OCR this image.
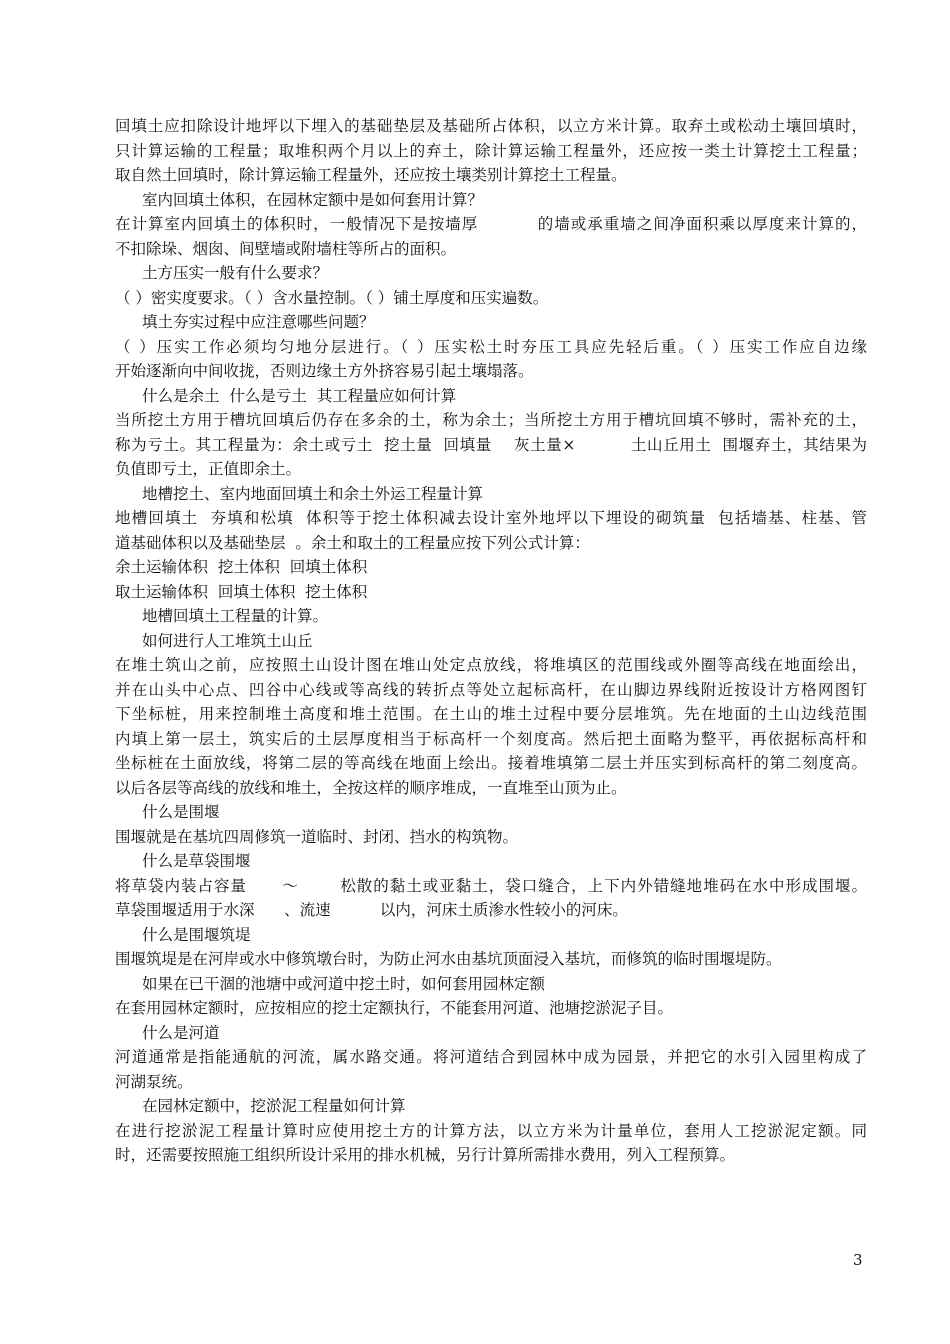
回填土应扣除设计地坪以下埋入的基础垫层及基础所占体积，以立方米计算。取弃土或松动土壤回填时，
只计算运输的工程量；取堆积两个月以上的弃土，除计算运输工程量外，还应按一类土计算挖土工程量；
取自然土回填时，除计算运输工程量外，还应按土壤类别计算挖土工程量。
室内回填土体积，在园林定额中是如何套用计算？
在计算室内回填土的体积时，一般情况下是按墙厚          的墙或承重墙之间净面积乘以厚度来计算的，
不扣除垛、烟囱、间壁墙或附墙柱等所占的面积。
土方压实一般有什么要求？
（ ）密实度要求。（ ）含水量控制。（ ）铺土厚度和压实遍数。
填土夯实过程中应注意哪些问题？
（ ）压实工作必须均匀地分层进行。（ ）压实松土时夯压工具应先轻后重。（ ）压实工作应自边缘
开始逐渐向中间收拢，否则边缘土方外挤容易引起土壤塌落。
什么是余土  什么是亏土  其工程量应如何计算
当所挖土方用于槽坑回填后仍存在多余的土，称为余土；当所挖土方用于槽坑回填不够时，需补充的土，
称为亏土。其工程量为：余土或亏土  挖土量  回填量    灰土量×          土山丘用土  围堰弃土，其结果为
负值即亏土，正值即余土。
地槽挖土、室内地面回填土和余土外运工程量计算
地槽回填土  夯填和松填  体积等于挖土体积减去设计室外地坪以下埋设的砌筑量  包括墙基、柱基、管
道基础体积以及基础垫层  。余土和取土的工程量应按下列公式计算：
余土运输体积  挖土体积  回填土体积
取土运输体积  回填土体积  挖土体积
地槽回填土工程量的计算。
如何进行人工堆筑土山丘
在堆土筑山之前，应按照土山设计图在堆山处定点放线，将堆填区的范围线或外圈等高线在地面绘出，
并在山头中心点、凹谷中心线或等高线的转折点等处立起标高杆，在山脚边界线附近按设计方格网图钉
下坐标桩，用来控制堆土高度和堆土范围。在土山的堆土过程中要分层堆筑。先在地面的土山边线范围
内填上第一层土，筑实后的土层厚度相当于标高杆一个刻度高。然后把土面略为整平，再依据标高杆和
坐标桩在土面放线，将第二层的等高线在地面上绘出。接着堆填第二层土并压实到标高杆的第二刻度高。
以后各层等高线的放线和堆土，全按这样的顺序堆成，一直堆至山顶为止。
什么是围堰
围堰就是在基坑四周修筑一道临时、封闭、挡水的构筑物。
什么是草袋围堰
将草袋内装占容量      ～       松散的黏土或亚黏土，袋口缝合，上下内外错缝地堆码在水中形成围堰。
草袋围堰适用于水深      、流速          以内，河床土质渗水性较小的河床。
什么是围堰筑堤
围堰筑堤是在河岸或水中修筑墩台时，为防止河水由基坑顶面浸入基坑，而修筑的临时围堰堤防。
如果在已干涸的池塘中或河道中挖土时，如何套用园林定额
在套用园林定额时，应按相应的挖土定额执行，不能套用河道、池塘挖淤泥子目。
什么是河道
河道通常是指能通航的河流，属水路交通。将河道结合到园林中成为园景，并把它的水引入园里构成了
河湖泵统。
在园林定额中，挖淤泥工程量如何计算
在进行挖淤泥工程量计算时应使用挖土方的计算方法，以立方米为计量单位，套用人工挖淤泥定额。同
时，还需要按照施工组织所设计采用的排水机械，另行计算所需排水费用，列入工程预算。
3
